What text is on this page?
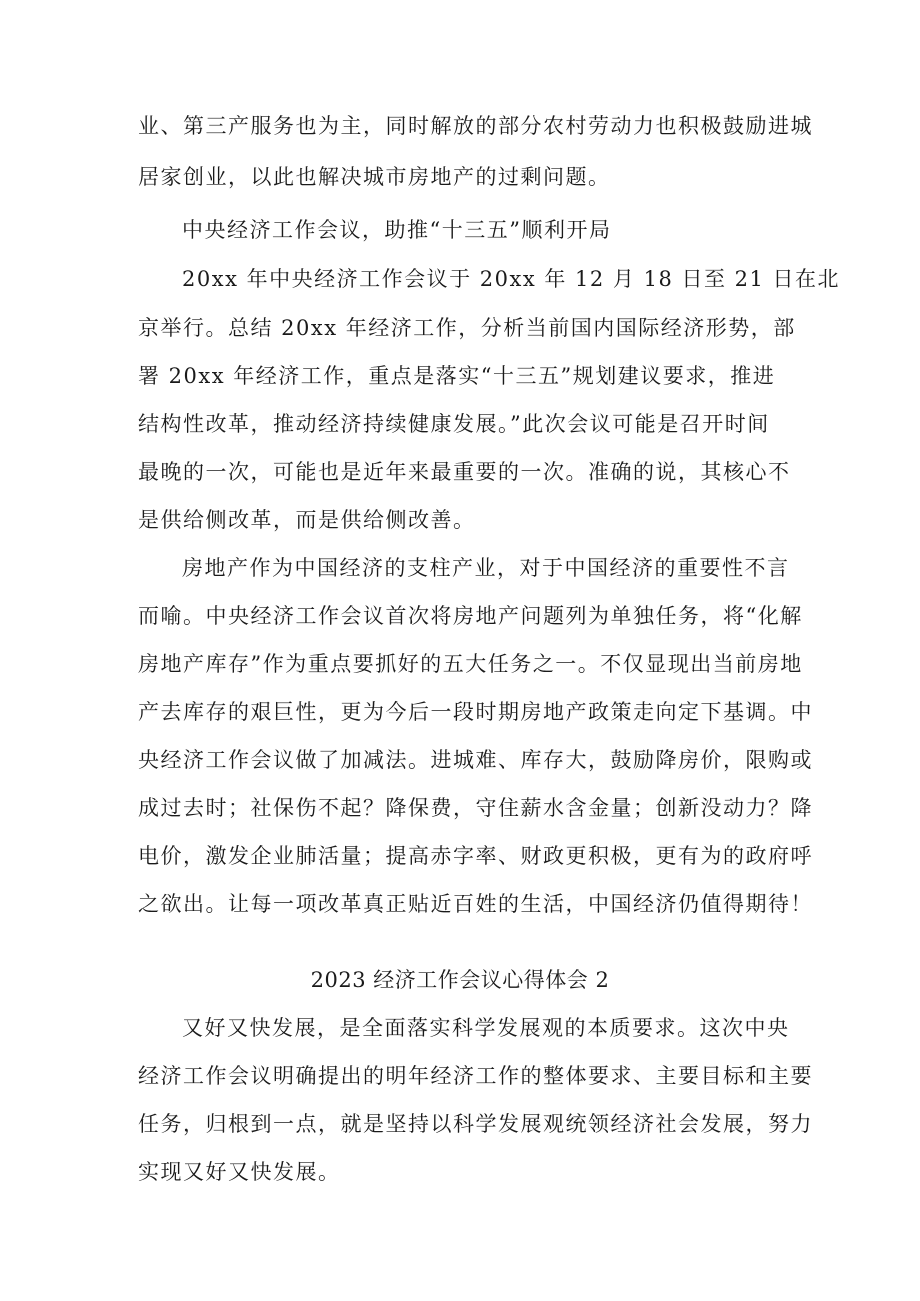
业、第三产服务也为主，同时解放的部分农村劳动力也积极鼓励进城
居家创业，以此也解决城市房地产的过剩问题。
中央经济工作会议，助推“十三五”顺利开局
20xx 年中央经济工作会议于 20xx 年 12 月 18 日至 21 日在北
京举行。总结 20xx 年经济工作，分析当前国内国际经济形势，部
署 20xx 年经济工作，重点是落实“十三五”规划建议要求，推进
结构性改革，推动经济持续健康发展。”此次会议可能是召开时间
最晚的一次，可能也是近年来最重要的一次。准确的说，其核心不
是供给侧改革，而是供给侧改善。
房地产作为中国经济的支柱产业，对于中国经济的重要性不言
而喻。中央经济工作会议首次将房地产问题列为单独任务，将“化解
房地产库存”作为重点要抓好的五大任务之一。不仅显现出当前房地
产去库存的艰巨性，更为今后一段时期房地产政策走向定下基调。中
央经济工作会议做了加减法。进城难、库存大，鼓励降房价，限购或
成过去时；社保伤不起？降保费，守住薪水含金量；创新没动力？降
电价，激发企业肺活量；提高赤字率、财政更积极，更有为的政府呼
之欲出。让每一项改革真正贴近百姓的生活，中国经济仍值得期待！
2023 经济工作会议心得体会 2
又好又快发展，是全面落实科学发展观的本质要求。这次中央
经济工作会议明确提出的明年经济工作的整体要求、主要目标和主要
任务，归根到一点，就是坚持以科学发展观统领经济社会发展，努力
实现又好又快发展。
